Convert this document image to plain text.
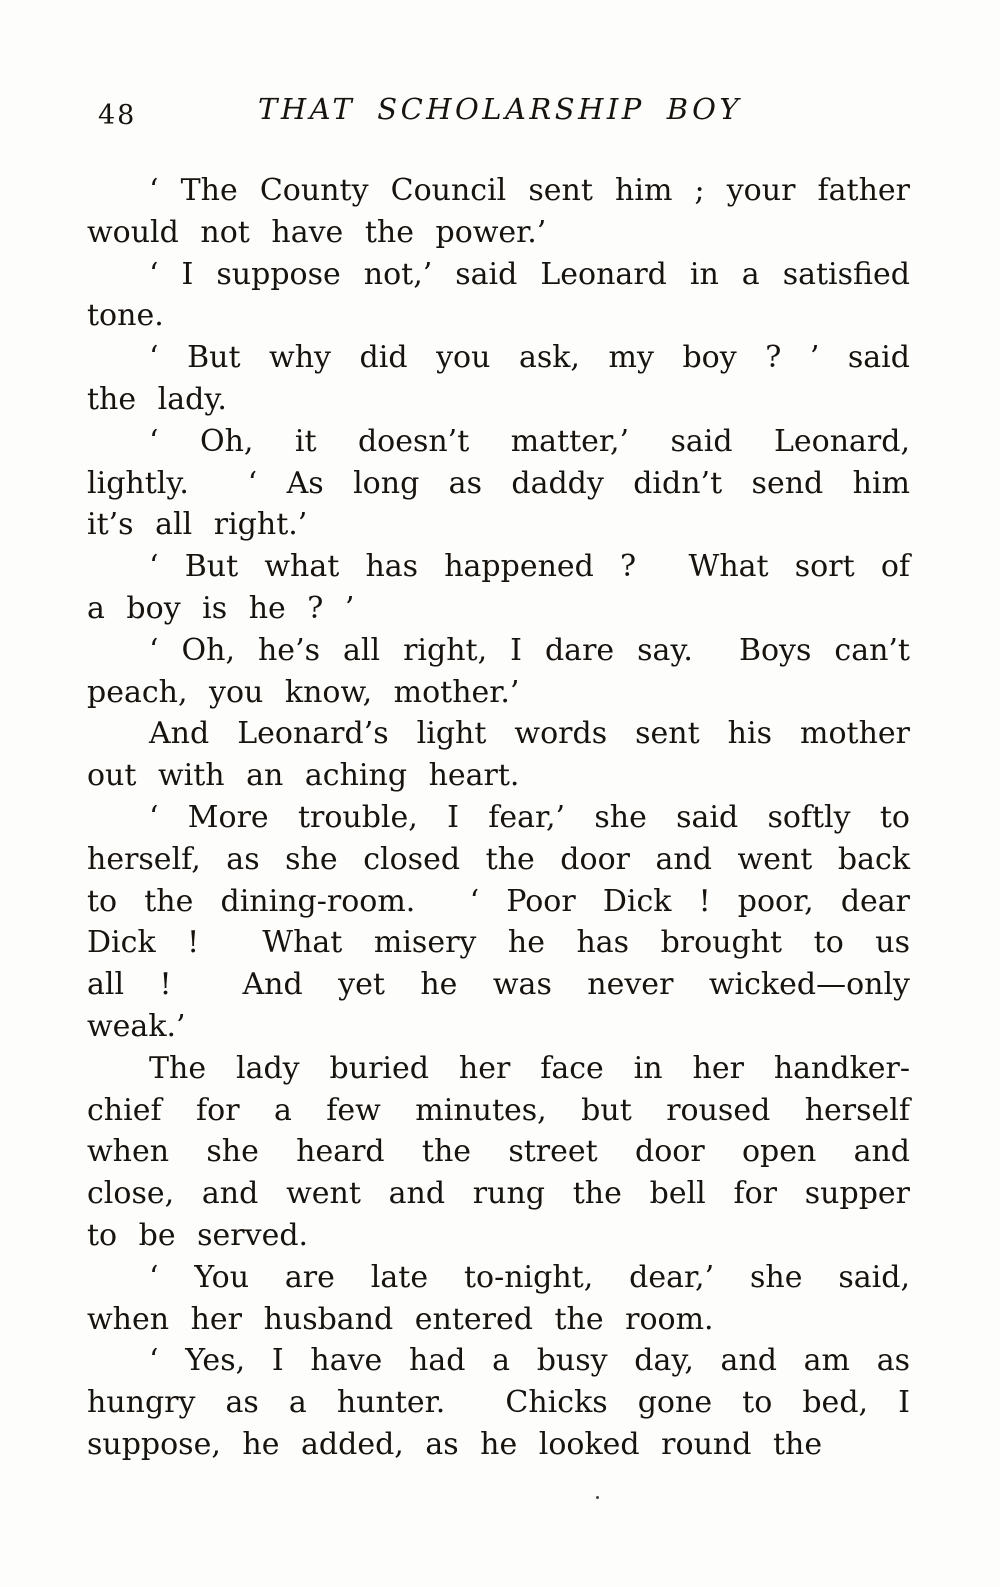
48	THAT SCHOLARSHIP BOY
‘ The County Council sent him ; your father
would not have the power.’
‘ I suppose not,’ said Leonard in a satisfied
tone.
‘ But why did you ask, my boy ? ’ said
the lady.
‘ Oh, it doesn’t matter,’ said Leonard,
lightly.  ‘ As long as daddy didn’t send him
it’s all right.’
‘ But what has happened ?  What sort of
a boy is he ? ’
‘ Oh, he’s all right, I dare say.  Boys can’t
peach, you know, mother.’
And Leonard’s light words sent his mother
out with an aching heart.
‘ More trouble, I fear,’ she said softly to
herself, as she closed the door and went back
to the dining-room.  ‘ Poor Dick ! poor, dear
Dick !  What misery he has brought to us
all !  And yet he was never wicked—only
weak.’
The lady buried her face in her handker-
chief for a few minutes, but roused herself
when she heard the street door open and
close, and went and rung the bell for supper
to be served.
‘ You are late to-night, dear,’ she said,
when her husband entered the room.
‘ Yes, I have had a busy day, and am as
hungry as a hunter.  Chicks gone to bed, I
suppose, he added, as he looked round the
